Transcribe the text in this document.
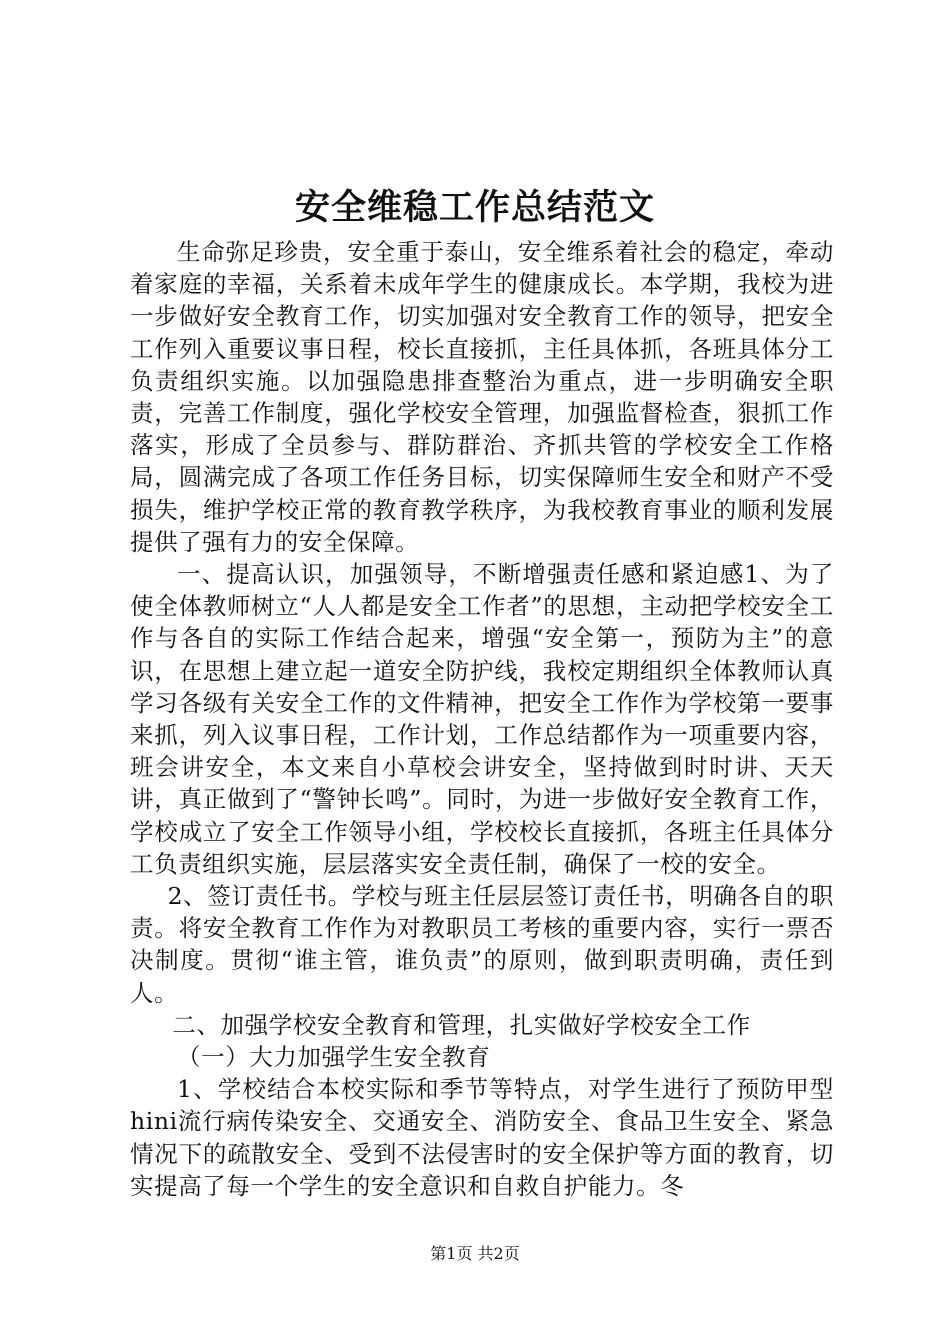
安全维稳工作总结范文

生命弥足珍贵，安全重于泰山，安全维系着社会的稳定，牵动着家庭的幸福，关系着未成年学生的健康成长。本学期，我校为进一步做好安全教育工作，切实加强对安全教育工作的领导，把安全工作列入重要议事日程，校长直接抓，主任具体抓，各班具体分工负责组织实施。以加强隐患排查整治为重点，进一步明确安全职责，完善工作制度，强化学校安全管理，加强监督检查，狠抓工作落实，形成了全员参与、群防群治、齐抓共管的学校安全工作格局，圆满完成了各项工作任务目标，切实保障师生安全和财产不受损失，维护学校正常的教育教学秩序，为我校教育事业的顺利发展提供了强有力的安全保障。

一、提高认识，加强领导，不断增强责任感和紧迫感1、为了使全体教师树立“人人都是安全工作者”的思想，主动把学校安全工作与各自的实际工作结合起来，增强“安全第一，预防为主”的意识，在思想上建立起一道安全防护线，我校定期组织全体教师认真学习各级有关安全工作的文件精神，把安全工作作为学校第一要事来抓，列入议事日程，工作计划，工作总结都作为一项重要内容，班会讲安全，本文来自小草校会讲安全，坚持做到时时讲、天天讲，真正做到了“警钟长鸣”。同时，为进一步做好安全教育工作，学校成立了安全工作领导小组，学校校长直接抓，各班主任具体分工负责组织实施，层层落实安全责任制，确保了一校的安全。

2、签订责任书。学校与班主任层层签订责任书，明确各自的职责。将安全教育工作作为对教职员工考核的重要内容，实行一票否决制度。贯彻“谁主管，谁负责”的原则，做到职责明确，责任到人。

二、加强学校安全教育和管理，扎实做好学校安全工作

（一）大力加强学生安全教育

1、学校结合本校实际和季节等特点，对学生进行了预防甲型hini流行病传染安全、交通安全、消防安全、食品卫生安全、紧急情况下的疏散安全、受到不法侵害时的安全保护等方面的教育，切实提高了每一个学生的安全意识和自救自护能力。冬

第1页 共2页
